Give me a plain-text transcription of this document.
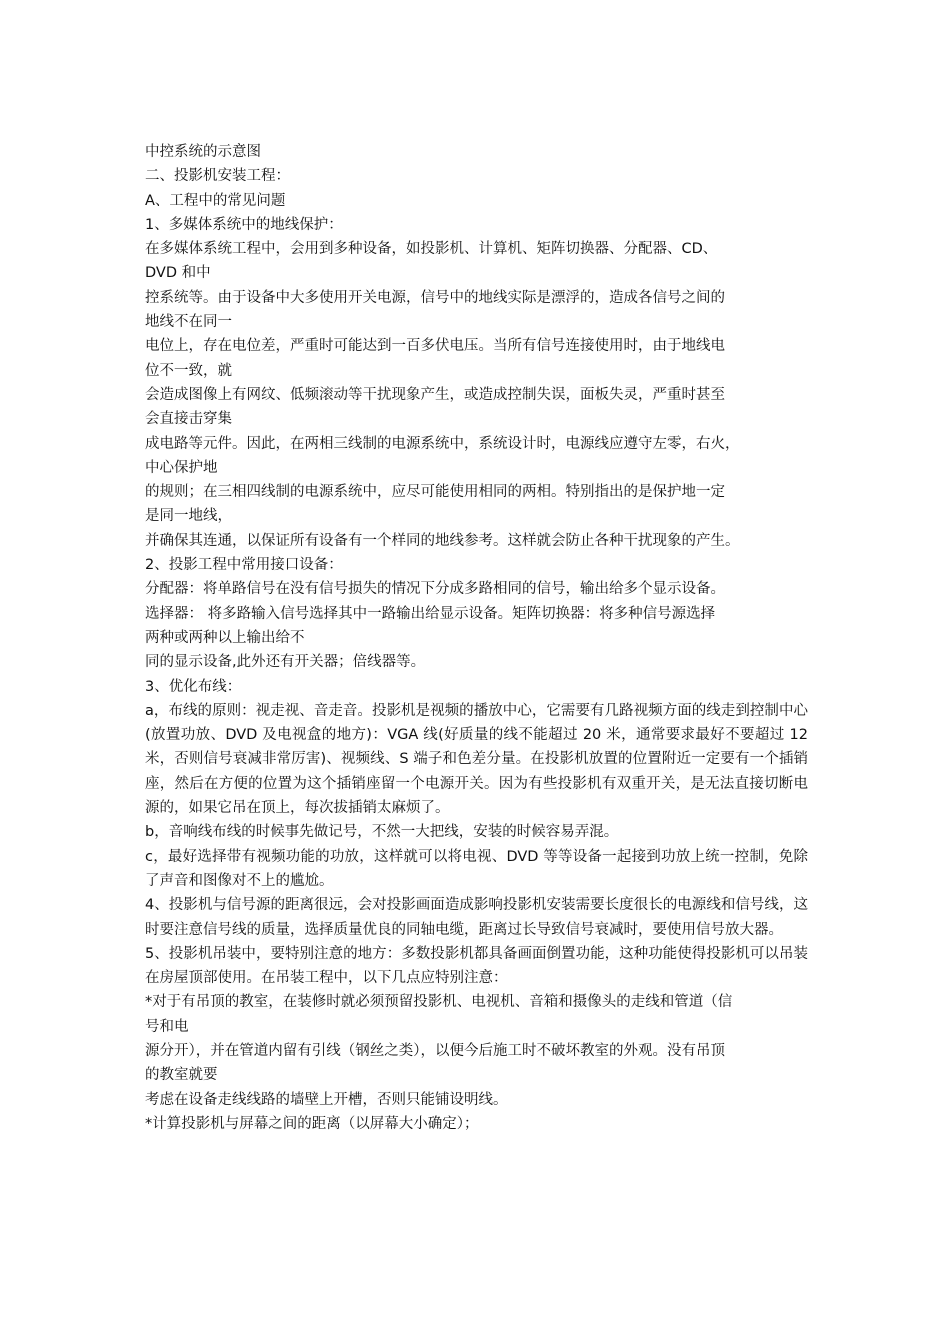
中控系统的示意图
二、投影机安装工程：
A、工程中的常见问题
1、多媒体系统中的地线保护：
在多媒体系统工程中，会用到多种设备，如投影机、计算机、矩阵切换器、分配器、CD、
DVD 和中
控系统等。由于设备中大多使用开关电源，信号中的地线实际是漂浮的，造成各信号之间的
地线不在同一
电位上，存在电位差，严重时可能达到一百多伏电压。当所有信号连接使用时，由于地线电
位不一致，就
会造成图像上有网纹、低频滚动等干扰现象产生，或造成控制失误，面板失灵，严重时甚至
会直接击穿集
成电路等元件。因此，在两相三线制的电源系统中，系统设计时，电源线应遵守左零，右火，
中心保护地
的规则；在三相四线制的电源系统中，应尽可能使用相同的两相。特别指出的是保护地一定
是同一地线，
并确保其连通，以保证所有设备有一个样同的地线参考。这样就会防止各种干扰现象的产生。
2、投影工程中常用接口设备：
分配器：将单路信号在没有信号损失的情况下分成多路相同的信号，输出给多个显示设备。
选择器： 将多路输入信号选择其中一路输出给显示设备。矩阵切换器：将多种信号源选择
两种或两种以上输出给不
同的显示设备,此外还有开关器；倍线器等。
3、优化布线：
a，布线的原则：视走视、音走音。投影机是视频的播放中心，它需要有几路视频方面的线走到控制中心(放置功放、DVD 及电视盒的地方)：VGA 线(好质量的线不能超过 20 米，通常要求最好不要超过 12 米，否则信号衰减非常厉害)、视频线、S 端子和色差分量。在投影机放置的位置附近一定要有一个插销座，然后在方便的位置为这个插销座留一个电源开关。因为有些投影机有双重开关，是无法直接切断电源的，如果它吊在顶上，每次拔插销太麻烦了。
b，音响线布线的时候事先做记号，不然一大把线，安装的时候容易弄混。
c，最好选择带有视频功能的功放，这样就可以将电视、DVD 等等设备一起接到功放上统一控制，免除了声音和图像对不上的尴尬。
4、投影机与信号源的距离很远，会对投影画面造成影响投影机安装需要长度很长的电源线和信号线，这时要注意信号线的质量，选择质量优良的同轴电缆，距离过长导致信号衰减时，要使用信号放大器。
5、投影机吊装中，要特别注意的地方：多数投影机都具备画面倒置功能，这种功能使得投影机可以吊装在房屋顶部使用。在吊装工程中，以下几点应特别注意：
*对于有吊顶的教室，在装修时就必须预留投影机、电视机、音箱和摄像头的走线和管道（信
号和电
源分开），并在管道内留有引线（钢丝之类），以便今后施工时不破坏教室的外观。没有吊顶
的教室就要
考虑在设备走线线路的墙壁上开槽，否则只能铺设明线。
*计算投影机与屏幕之间的距离（以屏幕大小确定）；
